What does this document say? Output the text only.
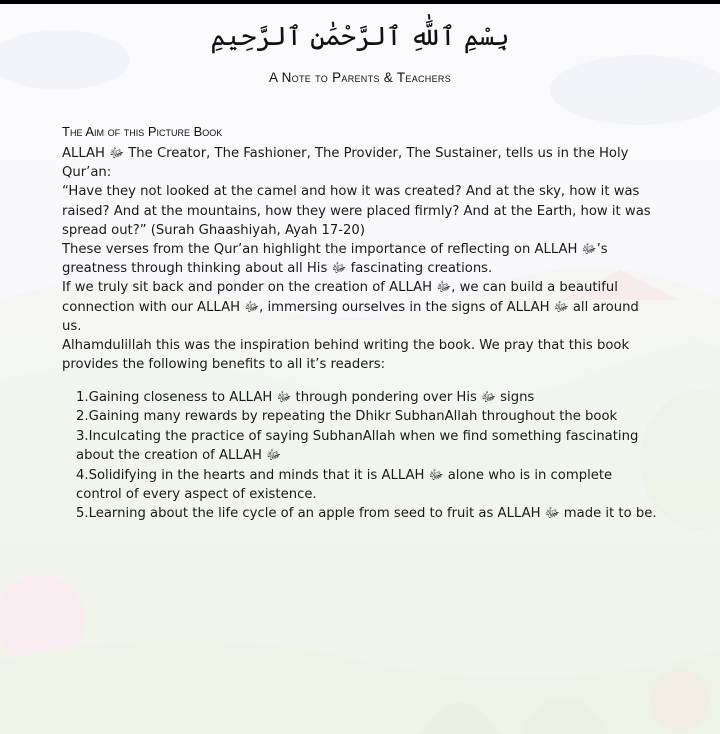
بِسْمِ ٱللَّٰهِ ٱلرَّحْمَٰنِ ٱلرَّحِيمِ
A Note to Parents & Teachers
The Aim of this Picture Book

ALLAH ﷻ The Creator, The Fashioner, The Provider, The Sustainer, tells us in the Holy Qur’an:

“Have they not looked at the camel and how it was created? And at the sky, how it was raised? And at the mountains, how they were placed firmly? And at the Earth, how it was spread out?” (Surah Ghaashiyah, Ayah 17-20)

These verses from the Qur’an highlight the importance of reflecting on ALLAH ﷻ’s greatness through thinking about all His ﷻ fascinating creations.

If we truly sit back and ponder on the creation of ALLAH ﷻ, we can build a beautiful connection with our ALLAH ﷻ, immersing ourselves in the signs of ALLAH ﷻ all around us.

Alhamdulillah this was the inspiration behind writing the book. We pray that this book provides the following benefits to all it’s readers:

1.Gaining closeness to ALLAH ﷻ through pondering over His ﷻ signs
2.Gaining many rewards by repeating the Dhikr SubhanAllah throughout the book
3.Inculcating the practice of saying SubhanAllah when we find something fascinating about the creation of ALLAH ﷻ
4.Solidifying in the hearts and minds that it is ALLAH ﷻ alone who is in complete control of every aspect of existence.
5.Learning about the life cycle of an apple from seed to fruit as ALLAH ﷻ made it to be.
